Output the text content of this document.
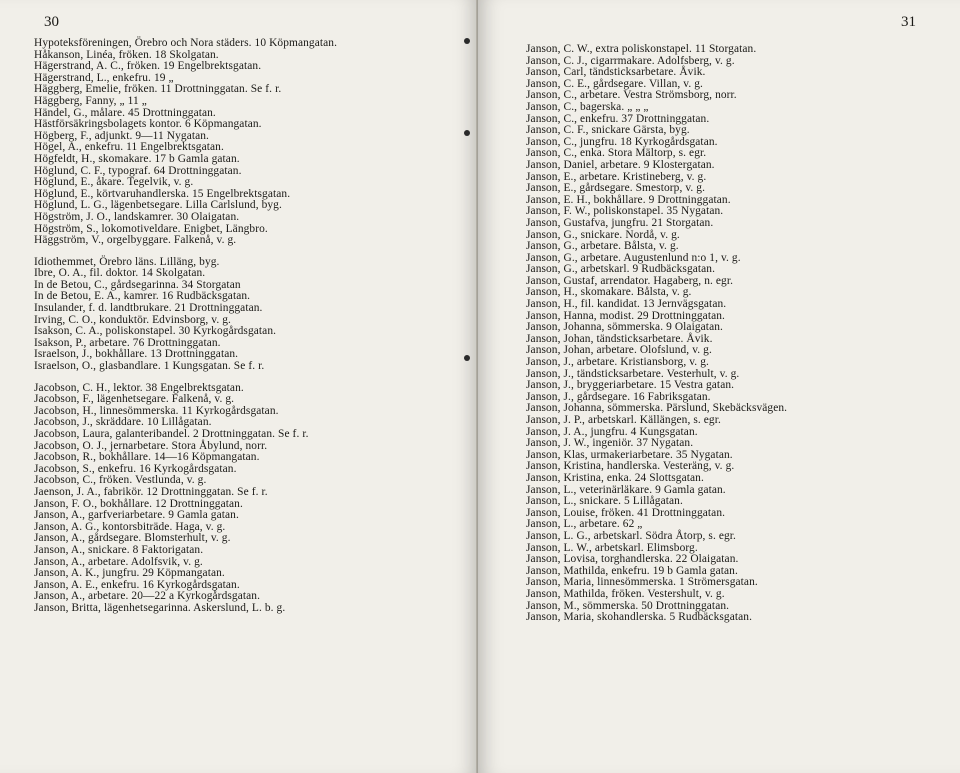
30
Hypoteksföreningen, Örebro och Nora städers. 10 Köpmangatan.
Håkanson, Linéa, fröken. 18 Skolgatan.
Hägerstrand, A. C., fröken. 19 Engelbrektsgatan.
Hägerstrand, L., enkefru. 19 „
Häggberg, Emelie, fröken. 11 Drottninggatan. Se f. r.
Häggberg, Fanny, „ 11 „
Händel, G., målare. 45 Drottninggatan.
Hästförsäkringsbolagets kontor. 6 Köpmangatan.
Högberg, F., adjunkt. 9—11 Nygatan.
Högel, A., enkefru. 11 Engelbrektsgatan.
Högfeldt, H., skomakare. 17 b Gamla gatan.
Höglund, C. F., typograf. 64 Drottninggatan.
Höglund, E., åkare. Tegelvik, v. g.
Höglund, E., körtvaruhandlerska. 15 Engelbrektsgatan.
Höglund, L. G., lägenbetsegare. Lilla Carlslund, byg.
Högström, J. O., landskamrer. 30 Olaigatan.
Högström, S., lokomotiveldare. Enigbet, Längbro.
Häggström, V., orgelbyggare. Falkenå, v. g.
Idiothemmet, Örebro läns. Lilläng, byg.
Ibre, O. A., fil. doktor. 14 Skolgatan.
In de Betou, C., gårdsegarinna. 34 Storgatan
In de Betou, E. A., kamrer. 16 Rudbäcksgatan.
Insulander, f. d. landtbrukare. 21 Drottninggatan.
Irving, C. O., konduktör. Edvinsborg, v. g.
Isakson, C. A., poliskonstapel. 30 Kyrkogårdsgatan.
Isakson, P., arbetare. 76 Drottninggatan.
Israelson, J., bokhållare. 13 Drottninggatan.
Israelson, O., glasbandlare. 1 Kungsgatan. Se f. r.
Jacobson, C. H., lektor. 38 Engelbrektsgatan.
Jacobson, F., lägenhetsegare. Falkenå, v. g.
Jacobson, H., linnesömmerska. 11 Kyrkogårdsgatan.
Jacobson, J., skräddare. 10 Lillågatan.
Jacobson, Laura, galanteribandel. 2 Drottninggatan. Se f. r.
Jacobson, O. J., jernarbetare. Stora Åbylund, norr.
Jacobson, R., bokhållare. 14—16 Köpmangatan.
Jacobson, S., enkefru. 16 Kyrkogårdsgatan.
Jacobson, C., fröken. Vestlunda, v. g.
Jaenson, J. A., fabrikör. 12 Drottninggatan. Se f. r.
Janson, F. O., bokhållare. 12 Drottninggatan.
Janson, A., garfveriarbetare. 9 Gamla gatan.
Janson, A. G., kontorsbiträde. Haga, v. g.
Janson, A., gårdsegare. Blomsterhult, v. g.
Janson, A., snickare. 8 Faktorigatan.
Janson, A., arbetare. Adolfsvik, v. g.
Janson, A. K., jungfru. 29 Köpmangatan.
Janson, A. E., enkefru. 16 Kyrkogårdsgatan.
Janson, A., arbetare. 20—22 a Kyrkogårdsgatan.
Janson, Britta, lägenhetsegarinna. Askerslund, L. b. g.
31
Janson, C. W., extra poliskonstapel. 11 Storgatan.
Janson, C. J., cigarrmakare. Adolfsberg, v. g.
Janson, Carl, tändsticksarbetare. Åvik.
Janson, C. E., gårdsegare. Villan, v. g.
Janson, C., arbetare. Vestra Strömsborg, norr.
Janson, C., bagerska. „ „ „
Janson, C., enkefru. 37 Drottninggatan.
Janson, C. F., snickare Gärsta, byg.
Janson, C., jungfru. 18 Kyrkogårdsgatan.
Janson, C., enka. Stora Mältorp, s. egr.
Janson, Daniel, arbetare. 9 Klostergatan.
Janson, E., arbetare. Kristineberg, v. g.
Janson, E., gårdsegare. Smestorp, v. g.
Janson, E. H., bokhållare. 9 Drottninggatan.
Janson, F. W., poliskonstapel. 35 Nygatan.
Janson, Gustafva, jungfru. 21 Storgatan.
Janson, G., snickare. Nordå, v. g.
Janson, G., arbetare. Bålsta, v. g.
Janson, G., arbetare. Augustenlund n:o 1, v. g.
Janson, G., arbetskarl. 9 Rudbäcksgatan.
Janson, Gustaf, arrendator. Hagaberg, n. egr.
Janson, H., skomakare. Bålsta, v. g.
Janson, H., fil. kandidat. 13 Jernvägsgatan.
Janson, Hanna, modist. 29 Drottninggatan.
Janson, Johanna, sömmerska. 9 Olaigatan.
Janson, Johan, tändsticksarbetare. Åvik.
Janson, Johan, arbetare. Olofslund, v. g.
Janson, J., arbetare. Kristiansborg, v. g.
Janson, J., tändsticksarbetare. Vesterhult, v. g.
Janson, J., bryggeriarbetare. 15 Vestra gatan.
Janson, J., gårdsegare. 16 Fabriksgatan.
Janson, Johanna, sömmerska. Pärslund, Skebäcksvägen.
Janson, J. P., arbetskarl. Källängen, s. egr.
Janson, J. A., jungfru. 4 Kungsgatan.
Janson, J. W., ingeniör. 37 Nygatan.
Janson, Klas, urmakeriarbetare. 35 Nygatan.
Janson, Kristina, handlerska. Vesteräng, v. g.
Janson, Kristina, enka. 24 Slottsgatan.
Janson, L., veterinärläkare. 9 Gamla gatan.
Janson, L., snickare. 5 Lillågatan.
Janson, Louise, fröken. 41 Drottninggatan.
Janson, L., arbetare. 62 „
Janson, L. G., arbetskarl. Södra Åtorp, s. egr.
Janson, L. W., arbetskarl. Elimsborg.
Janson, Lovisa, torghandlerska. 22 Olaigatan.
Janson, Mathilda, enkefru. 19 b Gamla gatan.
Janson, Maria, linnesömmerska. 1 Strömersgatan.
Janson, Mathilda, fröken. Vestershult, v. g.
Janson, M., sömmerska. 50 Drottninggatan.
Janson, Maria, skohandlerska. 5 Rudbäcksgatan.
